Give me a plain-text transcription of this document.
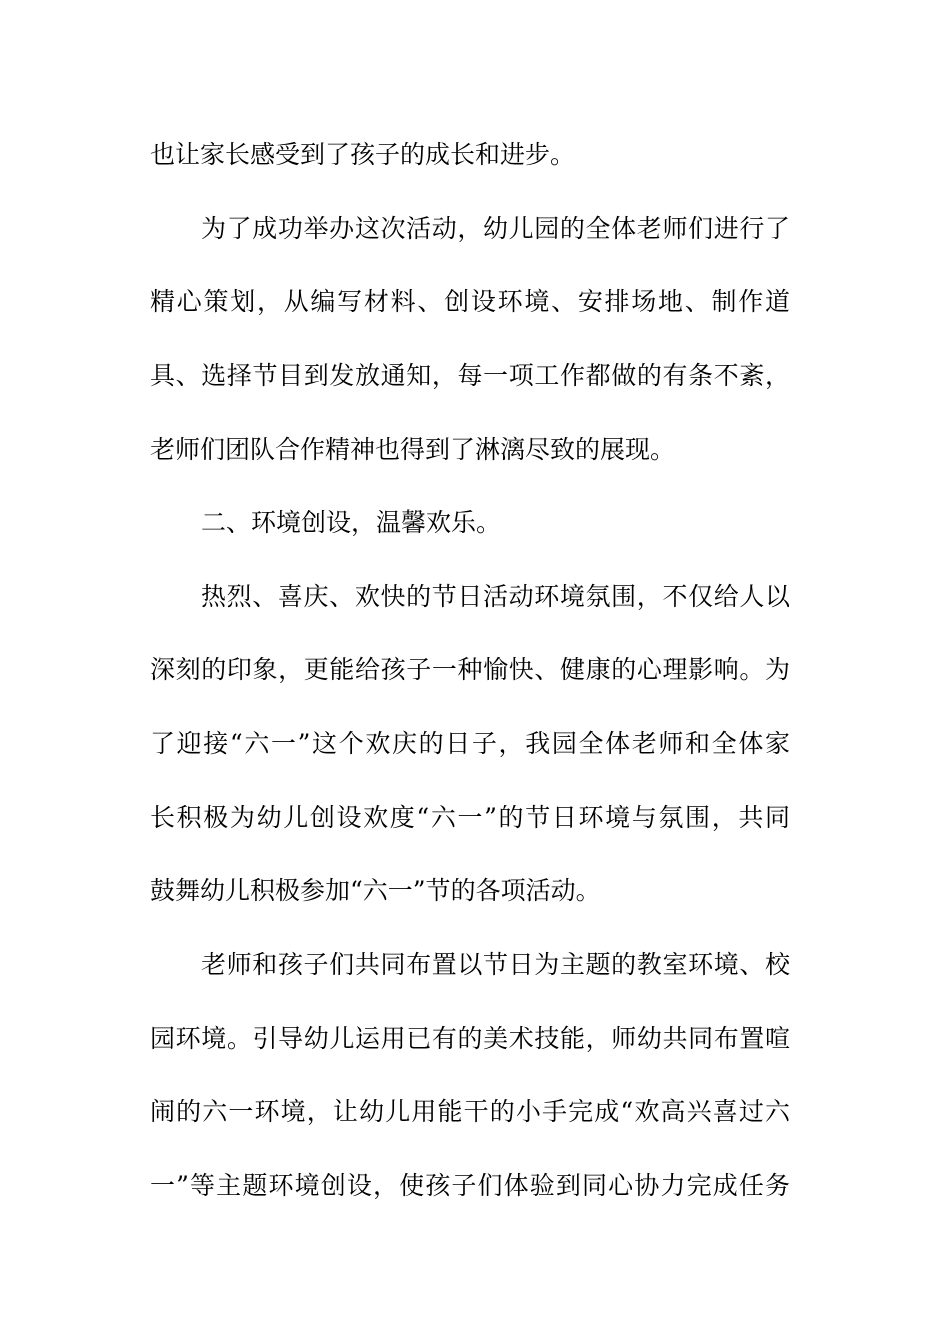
也让家长感受到了孩子的成长和进步。
为了成功举办这次活动，幼儿园的全体老师们进行了
精心策划，从编写材料、创设环境、安排场地、制作道
具、选择节目到发放通知，每一项工作都做的有条不紊，
老师们团队合作精神也得到了淋漓尽致的展现。
二、环境创设，温馨欢乐。
热烈、喜庆、欢快的节日活动环境氛围，不仅给人以
深刻的印象，更能给孩子一种愉快、健康的心理影响。为
了迎接“六一”这个欢庆的日子，我园全体老师和全体家
长积极为幼儿创设欢度“六一”的节日环境与氛围，共同
鼓舞幼儿积极参加“六一”节的各项活动。
老师和孩子们共同布置以节日为主题的教室环境、校
园环境。引导幼儿运用已有的美术技能，师幼共同布置喧
闹的六一环境，让幼儿用能干的小手完成“欢高兴喜过六
一”等主题环境创设，使孩子们体验到同心协力完成任务
